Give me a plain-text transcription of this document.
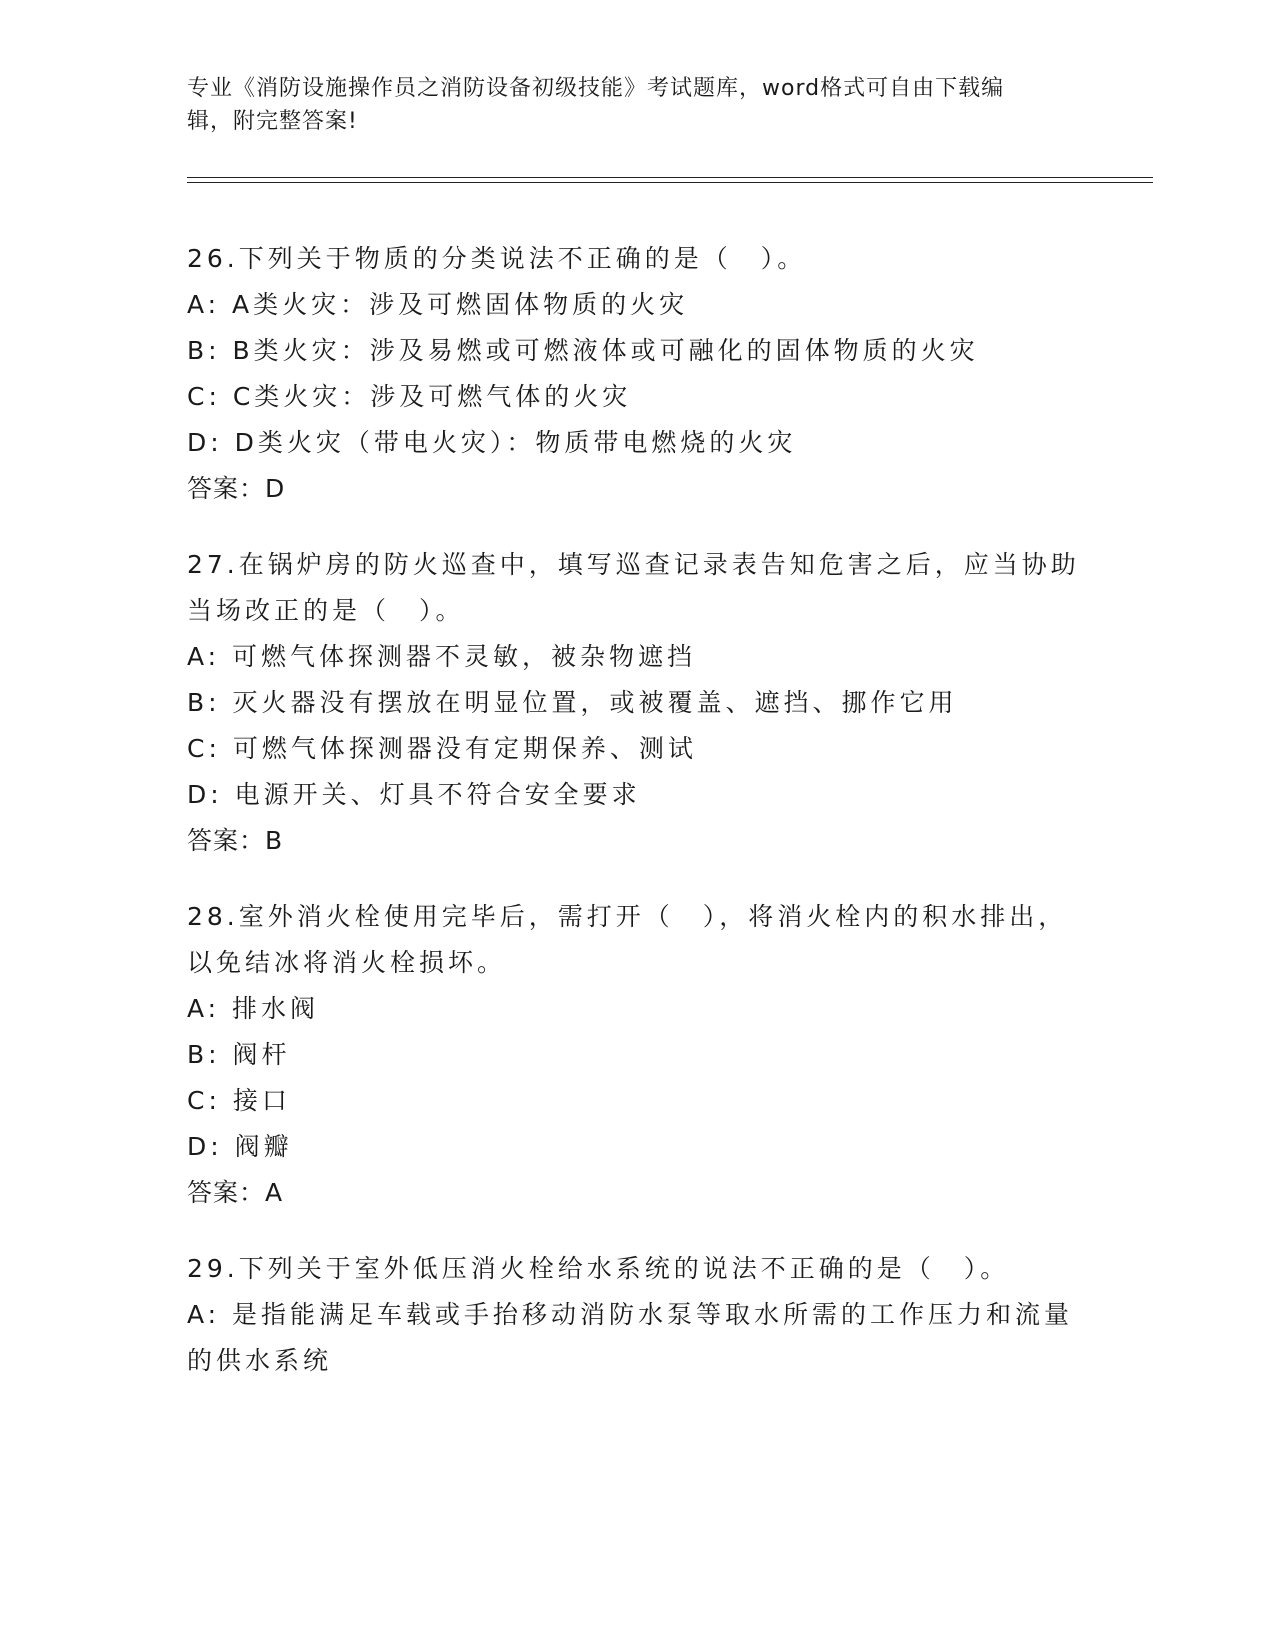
专业《消防设施操作员之消防设备初级技能》考试题库，word格式可自由下载编
辑，附完整答案!
26.下列关于物质的分类说法不正确的是（　）。
A: A类火灾：涉及可燃固体物质的火灾
B: B类火灾：涉及易燃或可燃液体或可融化的固体物质的火灾
C: C类火灾：涉及可燃气体的火灾
D: D类火灾（带电火灾）：物质带电燃烧的火灾
答案：D
27.在锅炉房的防火巡查中，填写巡查记录表告知危害之后，应当协助
当场改正的是（　）。
A: 可燃气体探测器不灵敏，被杂物遮挡
B: 灭火器没有摆放在明显位置，或被覆盖、遮挡、挪作它用
C: 可燃气体探测器没有定期保养、测试
D: 电源开关、灯具不符合安全要求
答案：B
28.室外消火栓使用完毕后，需打开（　），将消火栓内的积水排出，
以免结冰将消火栓损坏。
A: 排水阀
B: 阀杆
C: 接口
D: 阀瓣
答案：A
29.下列关于室外低压消火栓给水系统的说法不正确的是（　）。
A: 是指能满足车载或手抬移动消防水泵等取水所需的工作压力和流量
的供水系统
